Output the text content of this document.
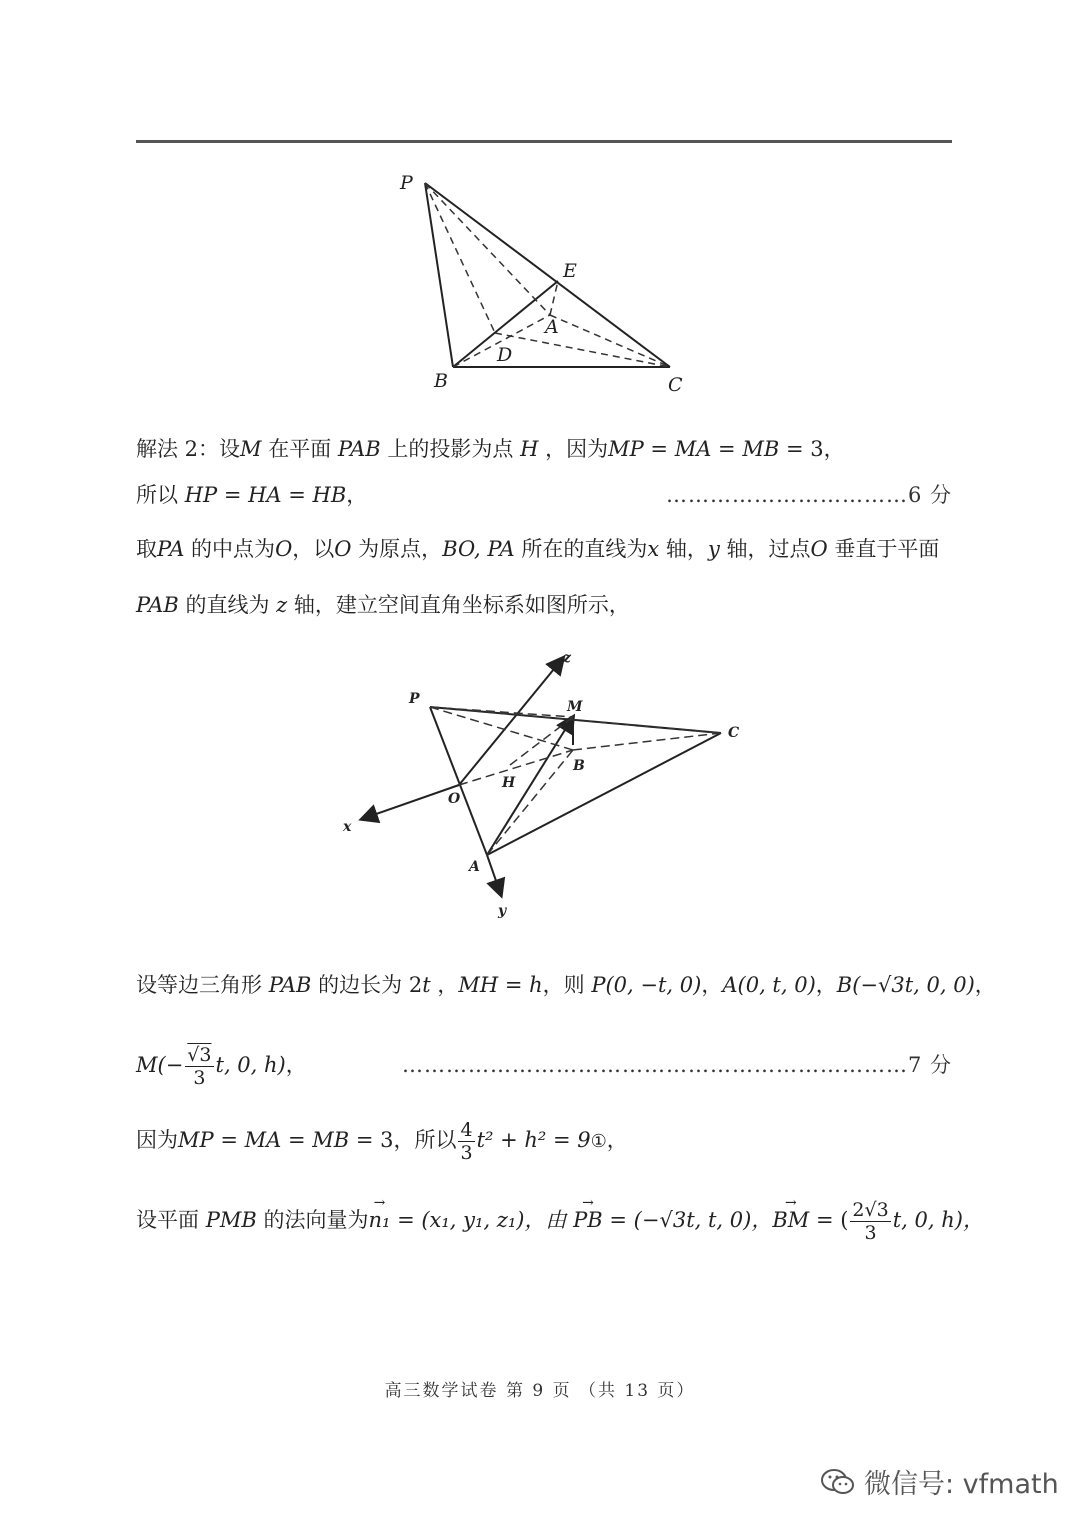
P
E
A
D
B	C
解法 2：设M 在平面 PAB 上的投影为点 H ，因为MP = MA = MB = 3，
所以 HP = HA = HB，	……………………………6 分
取PA 的中点为O，以O 为原点，BO, PA 所在的直线为x 轴，y 轴，过点O 垂直于平面
PAB 的直线为 z 轴，建立空间直角坐标系如图所示，
z
P	M
C
B
H
O
x
A
y
设等边三角形 PAB 的边长为 2t ，MH = h，则 P(0, −t, 0)，A(0, t, 0)，B(−√3t, 0, 0)，
$M(- \frac{√3}{3} t$, 0, h)，	……………………………………………………………7 分
因为MP = MA = MB = 3，所以 $\frac{4}{3} t^2 + h^2$ = 9①，
设平面 PMB 的法向量为→ n₁ = (x₁, y₁, z₁)，由 → PB = (−√3t, t, 0)，→ BM = ( $\frac{2√3}{3} t$, 0, h)，
高三数学试卷 第 9 页 （共 13 页）
微信号: vfmath
